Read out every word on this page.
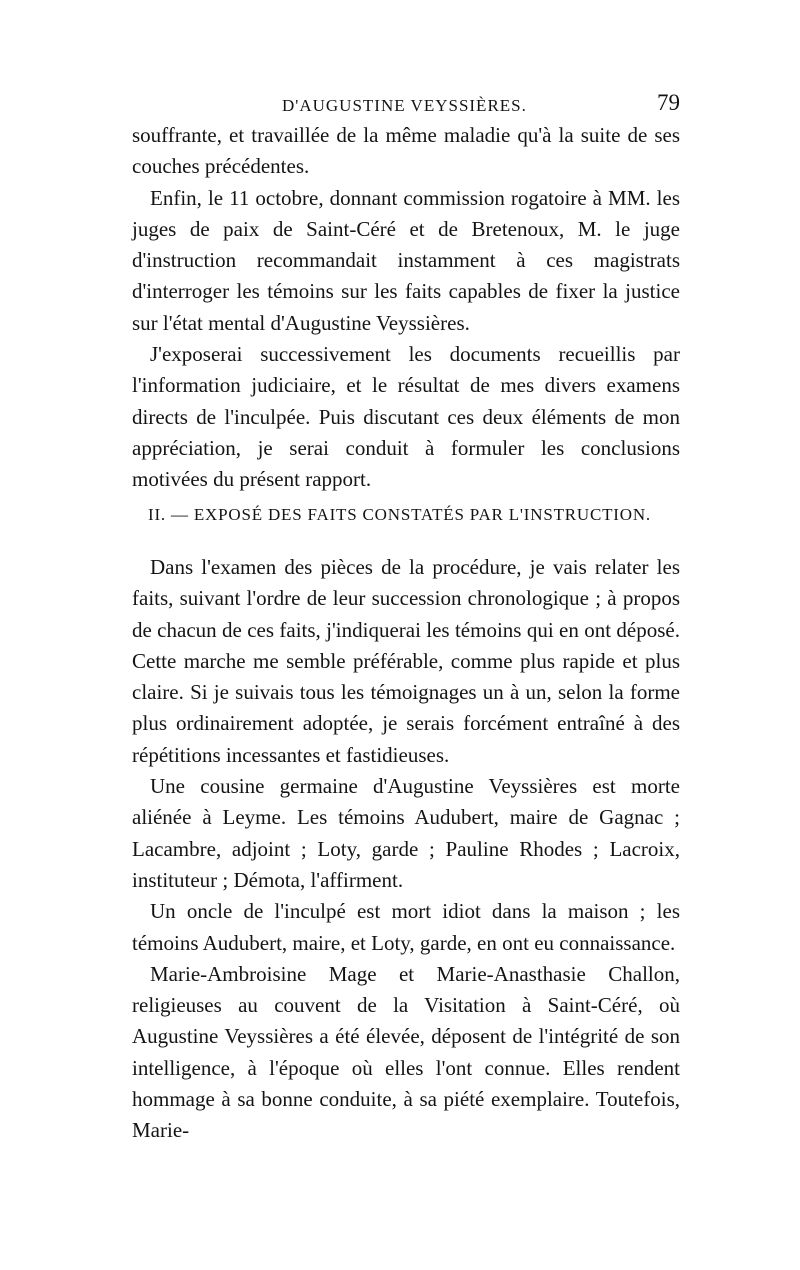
D'AUGUSTINE VEYSSIÈRES.	79

souffrante, et travaillée de la même maladie qu'à la suite de ses couches précédentes.

Enfin, le 11 octobre, donnant commission rogatoire à MM. les juges de paix de Saint-Céré et de Bretenoux, M. le juge d'instruction recommandait instamment à ces magistrats d'interroger les témoins sur les faits capables de fixer la justice sur l'état mental d'Augustine Veyssières.

J'exposerai successivement les documents recueillis par l'information judiciaire, et le résultat de mes divers examens directs de l'inculpée. Puis discutant ces deux éléments de mon appréciation, je serai conduit à formuler les conclusions motivées du présent rapport.

II. — EXPOSÉ DES FAITS CONSTATÉS PAR L'INSTRUCTION.

Dans l'examen des pièces de la procédure, je vais relater les faits, suivant l'ordre de leur succession chronologique ; à propos de chacun de ces faits, j'indiquerai les témoins qui en ont déposé. Cette marche me semble préférable, comme plus rapide et plus claire. Si je suivais tous les témoignages un à un, selon la forme plus ordinairement adoptée, je serais forcément entraîné à des répétitions incessantes et fastidieuses.

Une cousine germaine d'Augustine Veyssières est morte aliénée à Leyme. Les témoins Audubert, maire de Gagnac ; Lacambre, adjoint ; Loty, garde ; Pauline Rhodes ; Lacroix, instituteur ; Démota, l'affirment.

Un oncle de l'inculpé est mort idiot dans la maison ; les témoins Audubert, maire, et Loty, garde, en ont eu connaissance.

Marie-Ambroisine Mage et Marie-Anasthasie Challon, religieuses au couvent de la Visitation à Saint-Céré, où Augustine Veyssières a été élevée, déposent de l'intégrité de son intelligence, à l'époque où elles l'ont connue. Elles rendent hommage à sa bonne conduite, à sa piété exemplaire. Toutefois, Marie-
